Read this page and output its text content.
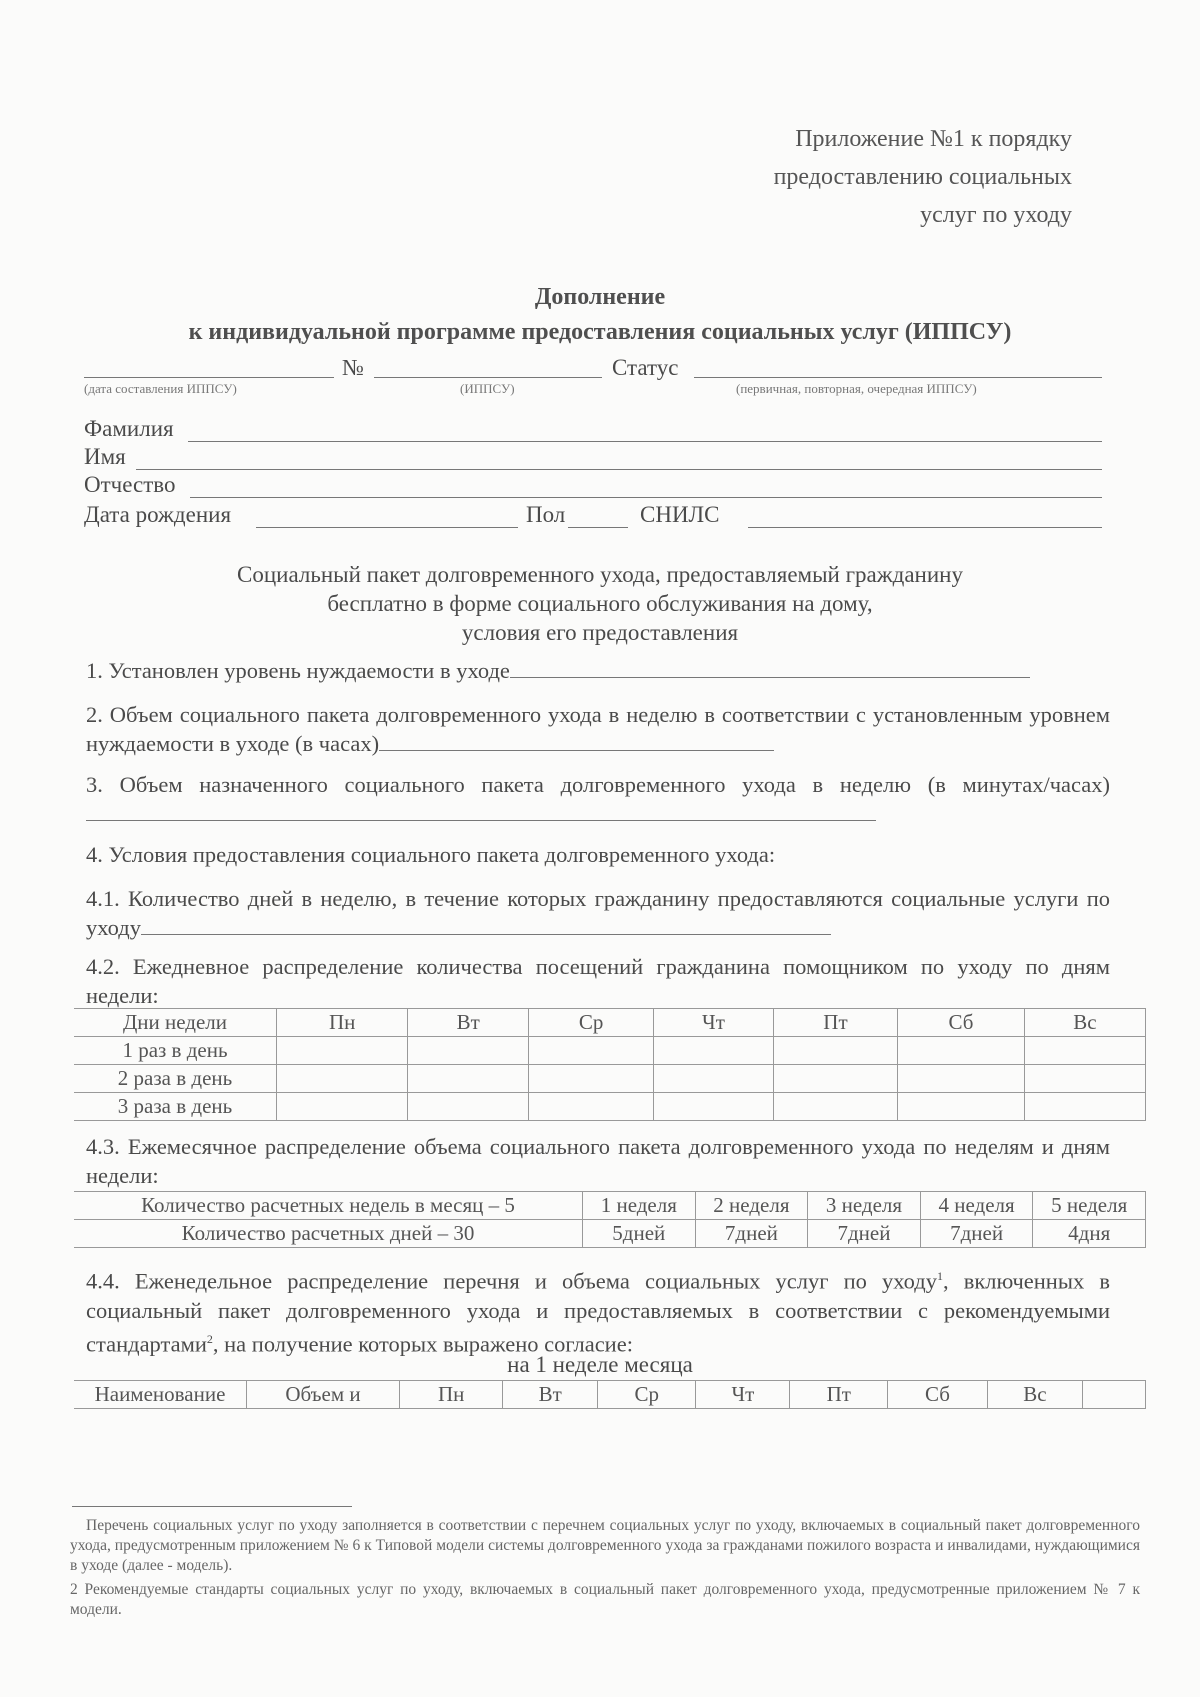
Приложение №1 к порядку
предоставлению социальных
услуг по уходу
Дополнение
к индивидуальной программе предоставления социальных услуг (ИППСУ)
№	Статус
(дата составления ИППСУ)	(ИППСУ)	(первичная, повторная, очередная ИППСУ)
Фамилия
Имя
Отчество
Дата рождения	Пол	СНИЛС
Социальный пакет долговременного ухода, предоставляемый гражданину
бесплатно в форме социального обслуживания на дому,
условия его предоставления
1. Установлен уровень нуждаемости в уходе
2. Объем социального пакета долговременного ухода в неделю в соответствии с установленным уровнем нуждаемости в уходе (в часах)
3. Объем назначенного социального пакета долговременного ухода в неделю (в минутах/часах)
4. Условия предоставления социального пакета долговременного ухода:
4.1. Количество дней в неделю, в течение которых гражданину предоставляются социальные услуги по уходу
4.2. Ежедневное распределение количества посещений гражданина помощником по уходу по дням недели:
Дни недели	Пн	Вт	Ср	Чт	Пт	Сб	Вс
1 раз в день							
2 раза в день							
3 раза в день							
4.3. Ежемесячное распределение объема социального пакета долговременного ухода по неделям и дням недели:
Количество расчетных недель в месяц – 5	1 неделя	2 неделя	3 неделя	4 неделя	5 неделя
Количество расчетных дней – 30	5дней	7дней	7дней	7дней	4дня
4.4. Еженедельное распределение перечня и объема социальных услуг по уходу$^1$, включенных в социальный пакет долговременного ухода и предоставляемых в соответствии с рекомендуемыми стандартами$^2$, на получение которых выражено согласие:
на 1 неделе месяца
Наименование	Объем и	Пн	Вт	Ср	Чт	Пт	Сб	Вс	
Перечень социальных услуг по уходу заполняется в соответствии с перечнем социальных услуг по уходу, включаемых в социальный пакет долговременного ухода, предусмотренным приложением № 6 к Типовой модели системы долговременного ухода за гражданами пожилого возраста и инвалидами, нуждающимися в уходе (далее - модель).
2 Рекомендуемые стандарты социальных услуг по уходу, включаемых в социальный пакет долговременного ухода, предусмотренные приложением № 7 к модели.
